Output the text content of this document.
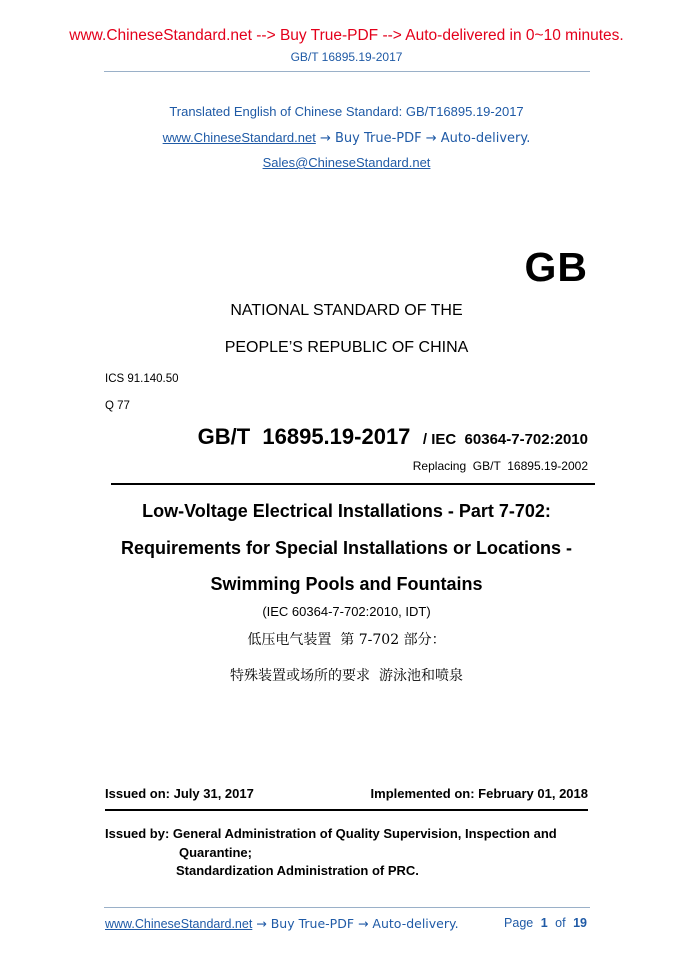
www.ChineseStandard.net --> Buy True-PDF --> Auto-delivered in 0~10 minutes.
GB/T 16895.19-2017
Translated English of Chinese Standard: GB/T16895.19-2017
www.ChineseStandard.net → Buy True-PDF → Auto-delivery.
Sales@ChineseStandard.net
GB
NATIONAL STANDARD OF THE
PEOPLE’S REPUBLIC OF CHINA
ICS 91.140.50
Q 77
GB/T  16895.19-2017 / IEC  60364-7-702:2010
Replacing  GB/T  16895.19-2002
Low-Voltage Electrical Installations - Part 7-702:
Requirements for Special Installations or Locations -
Swimming Pools and Fountains
(IEC 60364-7-702:2010, IDT)
低压电气装置  第 7-702 部分：
特殊装置或场所的要求  游泳池和喷泉
Issued on: July 31, 2017	Implemented on: February 01, 2018
Issued by: General Administration of Quality Supervision, Inspection and
Quarantine;
Standardization Administration of PRC.
www.ChineseStandard.net → Buy True-PDF → Auto-delivery.	Page 1 of 19
